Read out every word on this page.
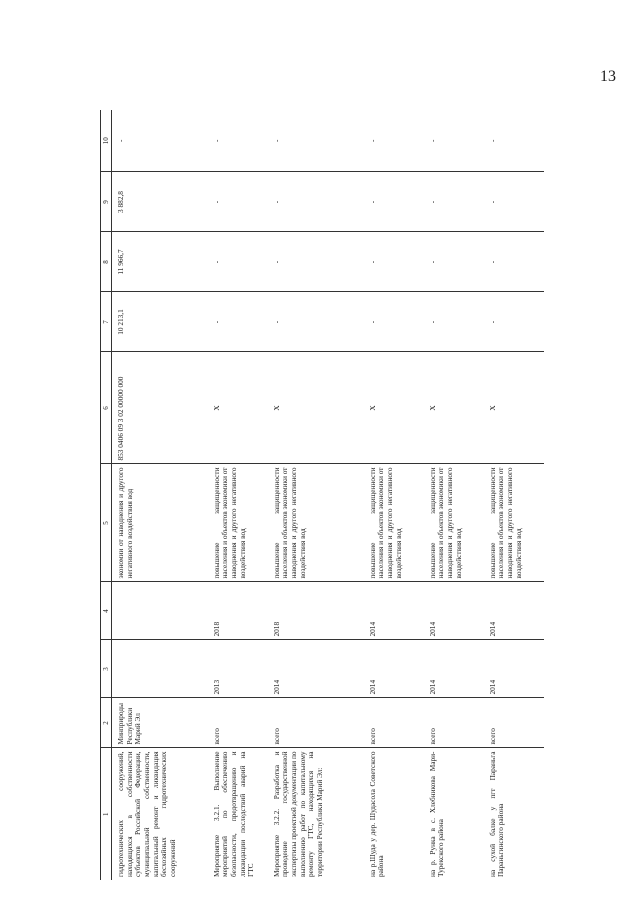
13
1	2	3	4	5	6	7	8	9	10
гидротехнических сооружений, находящихся в собственности субъектов Российской Федерации, муниципальной собственности, капитальный ремонт и ликвидация бесхозяйных гидротехнических сооружений	Минприроды Республики Марий Эл			экономии от наводнения и другого негативного воздействия вод	853 0406 09 3 02 00000 000	10 213,1	11 966,7	3 882,8	-
Мероприятие 3.2.1. Выполнение мероприятий по обеспечению безопасности, предотвращению и ликвидации последствий аварий на ГТС	всего	2013	2018	повышение защищенности населения и объектов экономики от наводнения и другого негативного воздействия вод	X	-	-	-	-
Мероприятие 3.2.2. Разработка и проведение государственной экспертизы проектной документации по выполнению работ по капитальному ремонту ГТС, находящихся на территории Республики Марий Эл:	всего	2014	2018	повышение защищенности населения и объектов экономики от наводнения и другого негативного воздействия вод	X	-	-	-	-
на р.Шуда у дер. Шудасола Советского района	всего	2014	2014	повышение защищенности населения и объектов экономики от наводнения и другого негативного воздействия вод	X	-	-	-	-
на р. Рунка в с. Хлебникова Мари-Турекского района	всего	2014	2014	повышение защищенности населения и объектов экономики от наводнения и другого негативного воздействия вод	X	-	-	-	-
на сухой балке у пгт Параньга Параньгинского района	всего	2014	2014	повышение защищенности населения и объектов экономики от наводнения и другого негативного воздействия вод	X	-	-	-	-
